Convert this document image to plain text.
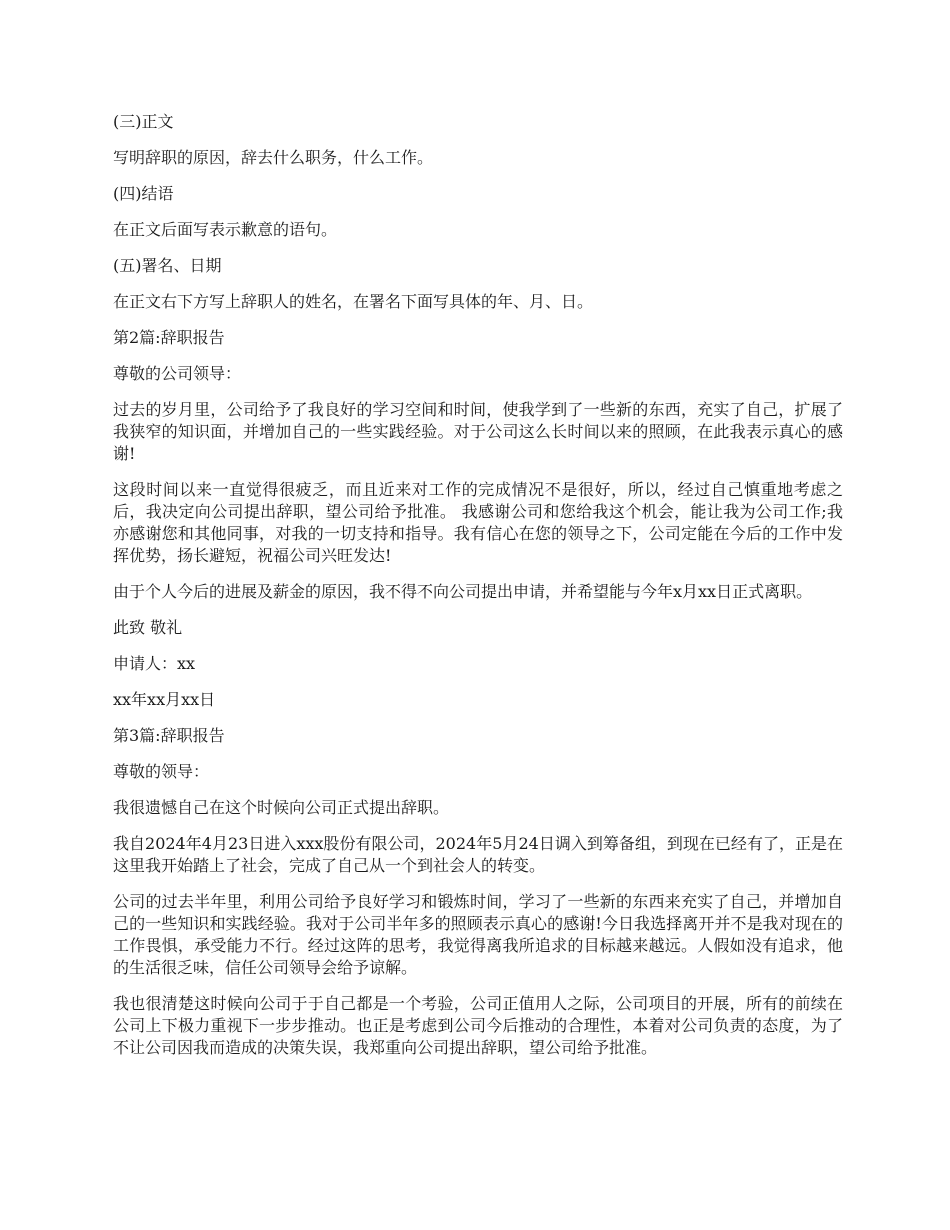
(三)正文

写明辞职的原因，辞去什么职务，什么工作。

(四)结语

在正文后面写表示歉意的语句。

(五)署名、日期

在正文右下方写上辞职人的姓名，在署名下面写具体的年、月、日。

第2篇:辞职报告

尊敬的公司领导：

过去的岁月里，公司给予了我良好的学习空间和时间，使我学到了一些新的东西，充实了自己，扩展了我狭窄的知识面，并增加自己的一些实践经验。对于公司这么长时间以来的照顾，在此我表示真心的感谢!

这段时间以来一直觉得很疲乏，而且近来对工作的完成情况不是很好，所以，经过自己慎重地考虑之后，我决定向公司提出辞职，望公司给予批准。 我感谢公司和您给我这个机会，能让我为公司工作;我亦感谢您和其他同事，对我的一切支持和指导。我有信心在您的领导之下，公司定能在今后的工作中发挥优势，扬长避短，祝福公司兴旺发达!

由于个人今后的进展及薪金的原因，我不得不向公司提出申请，并希望能与今年x月xx日正式离职。

此致 敬礼

申请人：xx

xx年xx月xx日

第3篇:辞职报告

尊敬的领导：

我很遗憾自己在这个时候向公司正式提出辞职。

我自2024年4月23日进入xxx股份有限公司，2024年5月24日调入到筹备组，到现在已经有了，正是在这里我开始踏上了社会，完成了自己从一个到社会人的转变。

公司的过去半年里，利用公司给予良好学习和锻炼时间，学习了一些新的东西来充实了自己，并增加自己的一些知识和实践经验。我对于公司半年多的照顾表示真心的感谢!今日我选择离开并不是我对现在的工作畏惧，承受能力不行。经过这阵的思考，我觉得离我所追求的目标越来越远。人假如没有追求，他的生活很乏味，信任公司领导会给予谅解。

我也很清楚这时候向公司于于自己都是一个考验，公司正值用人之际，公司项目的开展，所有的前续在公司上下极力重视下一步步推动。也正是考虑到公司今后推动的合理性，本着对公司负责的态度，为了不让公司因我而造成的决策失误，我郑重向公司提出辞职，望公司给予批准。
